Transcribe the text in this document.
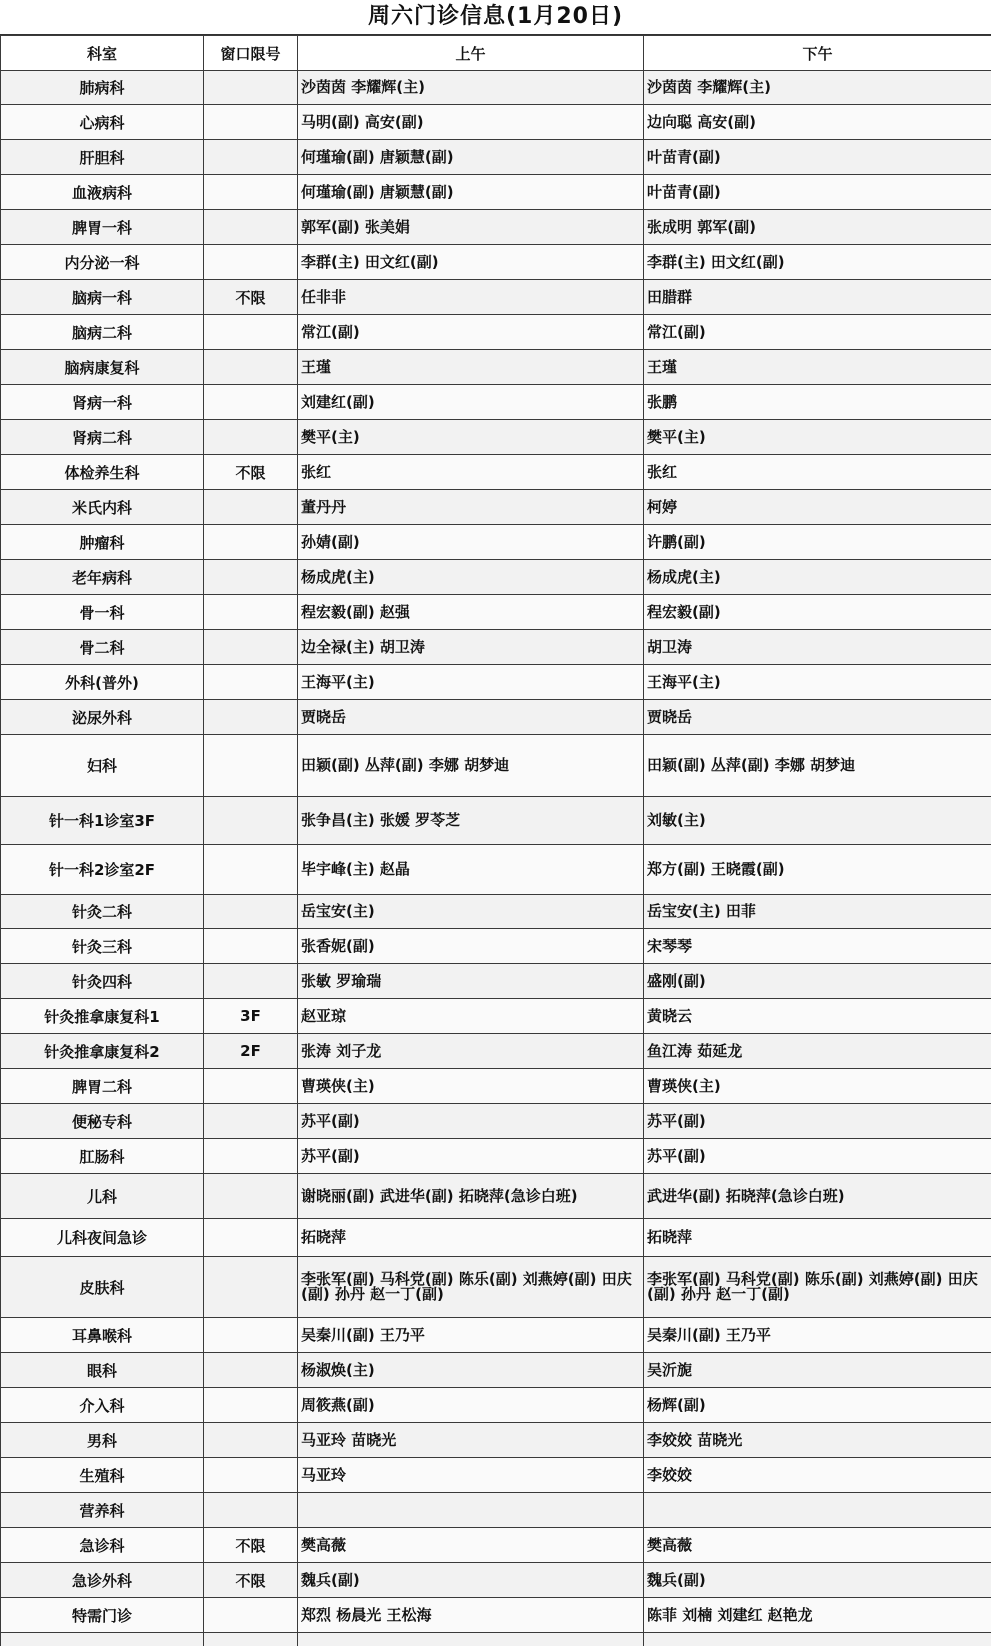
周六门诊信息(1月20日)
科室	窗口限号	上午	下午
肺病科		沙茵茵 李耀辉(主)	沙茵茵 李耀辉(主)
心病科		马明(副) 高安(副)	边向聪 高安(副)
肝胆科		何瑾瑜(副) 唐颖慧(副)	叶苗青(副)
血液病科		何瑾瑜(副) 唐颖慧(副)	叶苗青(副)
脾胃一科		郭军(副) 张美娟	张成明 郭军(副)
内分泌一科		李群(主) 田文红(副)	李群(主) 田文红(副)
脑病一科	不限	任非非	田腊群
脑病二科		常江(副)	常江(副)
脑病康复科		王瑾	王瑾
肾病一科		刘建红(副)	张鹏
肾病二科		樊平(主)	樊平(主)
体检养生科	不限	张红	张红
米氏内科		董丹丹	柯婷
肿瘤科		孙婧(副)	许鹏(副)
老年病科		杨成虎(主)	杨成虎(主)
骨一科		程宏毅(副) 赵强	程宏毅(副)
骨二科		边全禄(主) 胡卫涛	胡卫涛
外科(普外)		王海平(主)	王海平(主)
泌尿外科		贾晓岳	贾晓岳
妇科		田颖(副) 丛萍(副) 李娜 胡梦迪	田颖(副) 丛萍(副) 李娜 胡梦迪
针一科1诊室3F		张争昌(主) 张媛 罗苓芝	刘敏(主)
针一科2诊室2F		毕宇峰(主) 赵晶	郑方(副) 王晓霞(副)
针灸二科		岳宝安(主)	岳宝安(主) 田菲
针灸三科		张香妮(副)	宋琴琴
针灸四科		张敏 罗瑜瑞	盛刚(副)
针灸推拿康复科1	3F	赵亚琼	黄晓云
针灸推拿康复科2	2F	张涛 刘子龙	鱼江涛 茹延龙
脾胃二科		曹瑛侠(主)	曹瑛侠(主)
便秘专科		苏平(副)	苏平(副)
肛肠科		苏平(副)	苏平(副)
儿科		谢晓丽(副) 武进华(副) 拓晓萍(急诊白班)	武进华(副) 拓晓萍(急诊白班)
儿科夜间急诊		拓晓萍	拓晓萍
皮肤科		李张军(副) 马科党(副) 陈乐(副) 刘燕婷(副) 田庆(副) 孙丹 赵一丁(副)	李张军(副) 马科党(副) 陈乐(副) 刘燕婷(副) 田庆(副) 孙丹 赵一丁(副)
耳鼻喉科		吴秦川(副) 王乃平	吴秦川(副) 王乃平
眼科		杨淑焕(主)	吴沂旎
介入科		周筱燕(副)	杨辉(副)
男科		马亚玲 苗晓光	李姣姣 苗晓光
生殖科		马亚玲	李姣姣
营养科			
急诊科	不限	樊高薇	樊高薇
急诊外科	不限	魏兵(副)	魏兵(副)
特需门诊		郑烈 杨晨光 王松海	陈菲 刘楠 刘建红 赵艳龙
